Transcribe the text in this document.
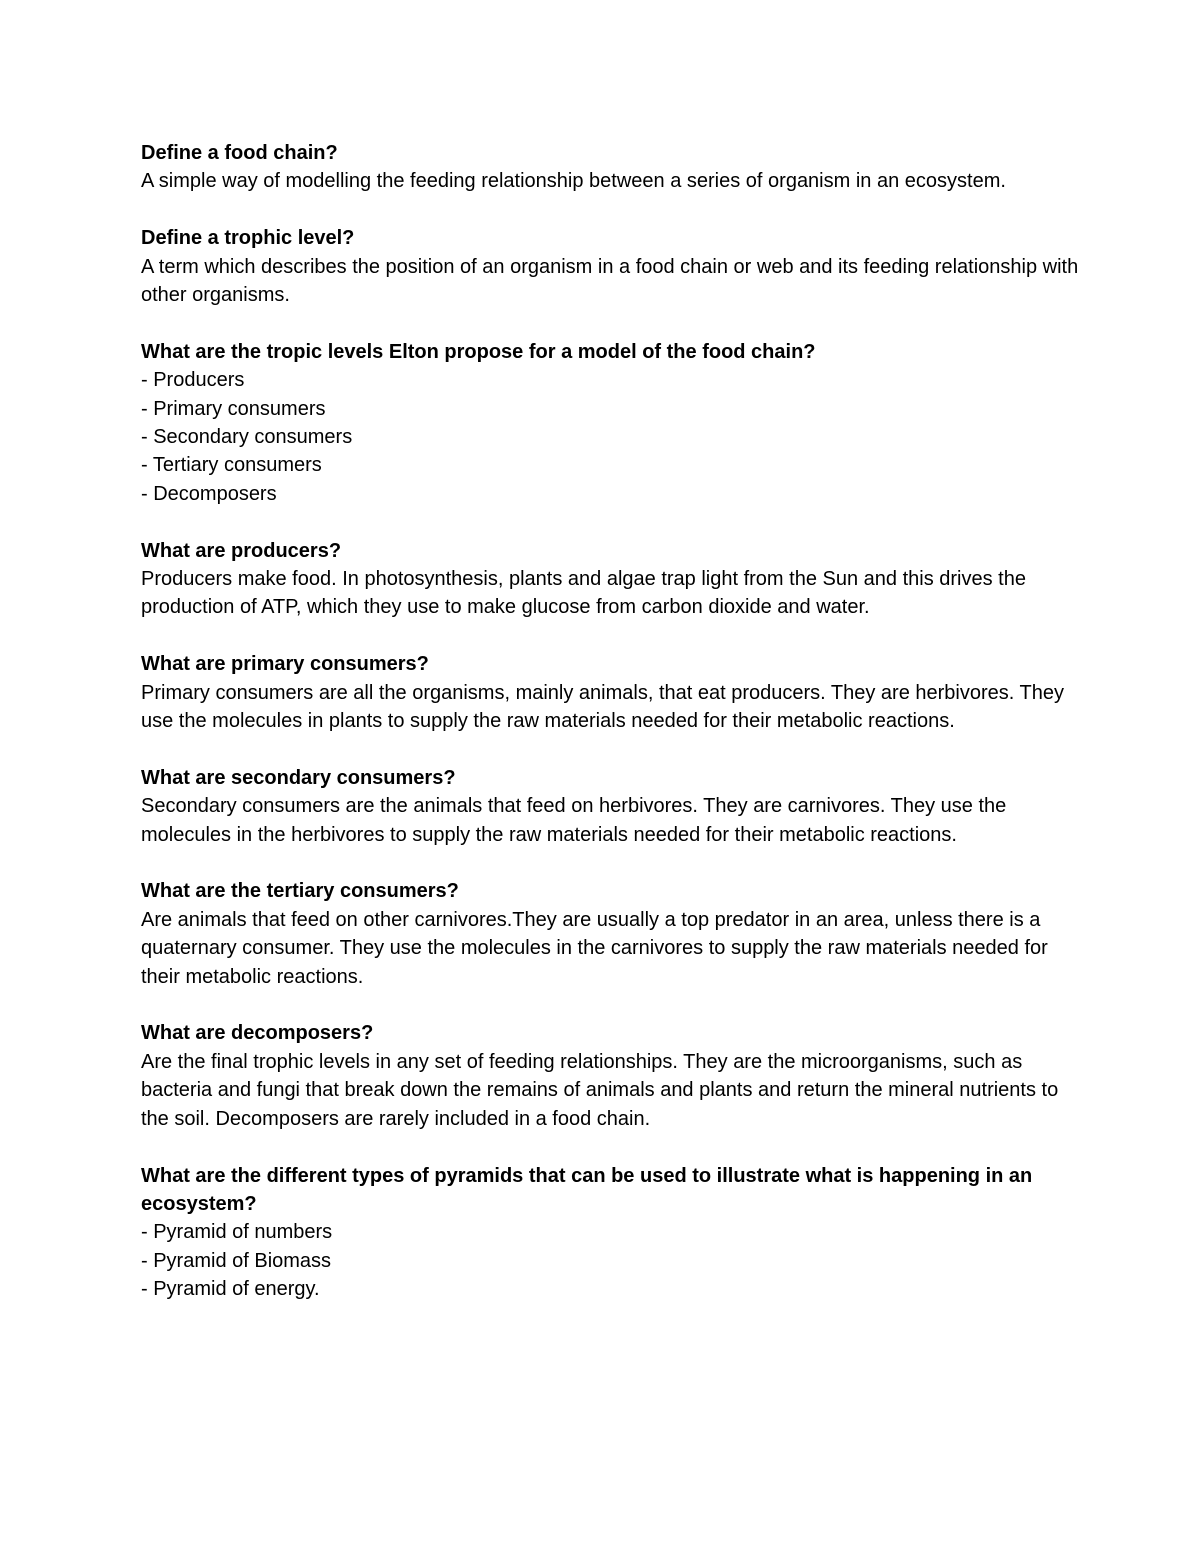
Define a food chain?

A simple way of modelling the feeding relationship between a series of organism in an ecosystem.

Define a trophic level?

A term which describes the position of an organism in a food chain or web and its feeding relationship with other organisms.

What are the tropic levels Elton propose for a model of the food chain?

- Producers
- Primary consumers
- Secondary consumers
- Tertiary consumers
- Decomposers

What are producers?

Producers make food. In photosynthesis, plants and algae trap light from the Sun and this drives the production of ATP, which they use to make glucose from carbon dioxide and water.

What are primary consumers?

Primary consumers are all the organisms, mainly animals, that eat producers. They are herbivores. They use the molecules in plants to supply the raw materials needed for their metabolic reactions.

What are secondary consumers?

Secondary consumers are the animals that feed on herbivores. They are carnivores. They use the molecules in the herbivores to supply the raw materials needed for their metabolic reactions.

What are the tertiary consumers?

Are animals that feed on other carnivores.They are usually a top predator in an area, unless there is a quaternary consumer. They use the molecules in the carnivores to supply the raw materials needed for their metabolic reactions.

What are decomposers?

Are the final trophic levels in any set of feeding relationships. They are the microorganisms, such as bacteria and fungi that break down the remains of animals and plants and return the mineral nutrients to the soil. Decomposers are rarely included in a food chain.

What are the different types of pyramids that can be used to illustrate what is happening in an ecosystem?

- Pyramid of numbers
- Pyramid of Biomass
- Pyramid of energy.
